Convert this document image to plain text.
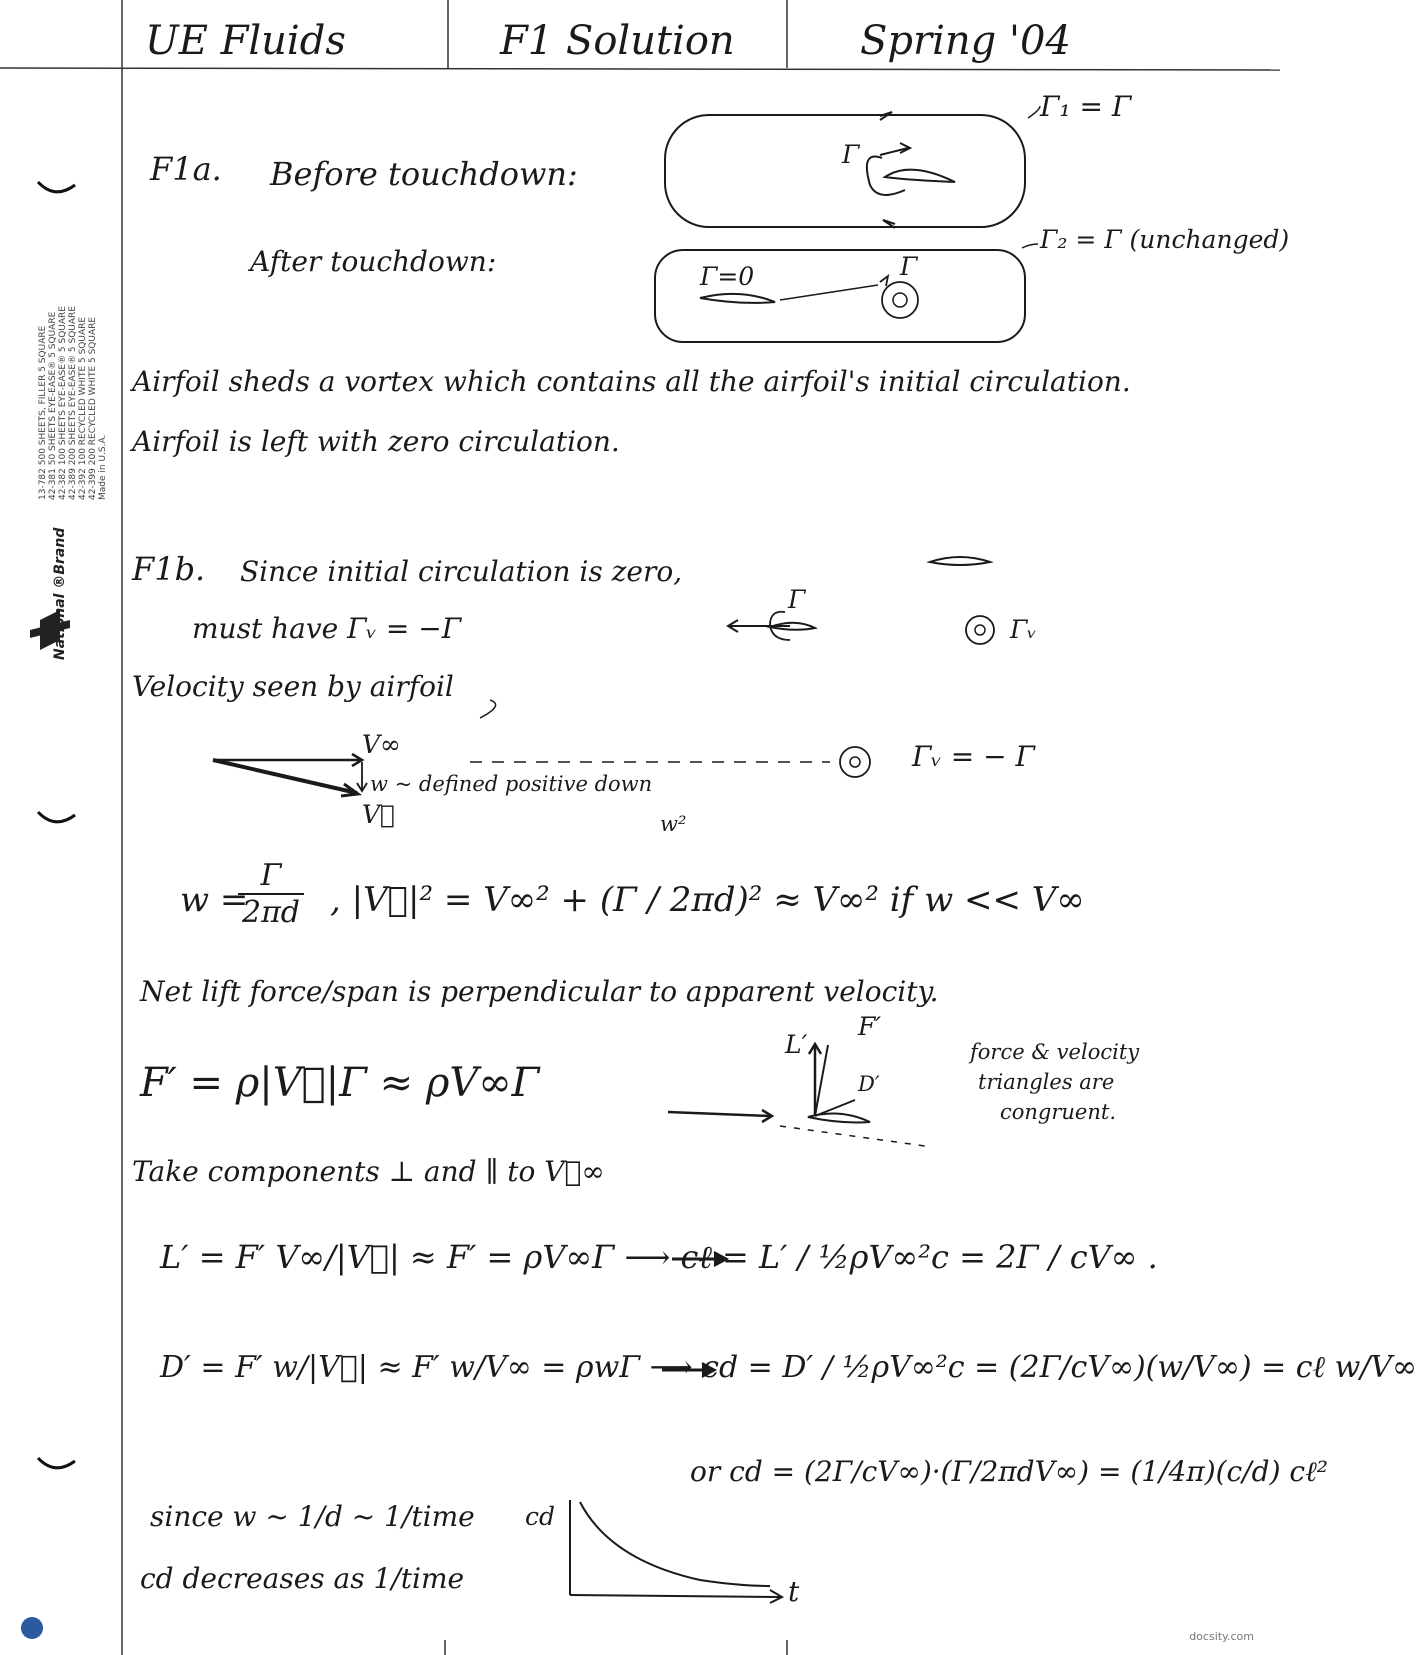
UE Fluids	F1 Solution	Spring '04
13-782 500 SHEETS, FILLER 5 SQUARE 42-381 50 SHEETS EYE-EASE® 5 SQUARE 42-382 100 SHEETS EYE-EASE® 5 SQUARE 42-389 200 SHEETS EYE-EASE® 5 SQUARE 42-392 100 RECYCLED WHITE 5 SQUARE 42-399 200 RECYCLED WHITE 5 SQUARE Made in U.S.A.
National ®Brand
F1a. Before touchdown:
After touchdown:
Γ₁ = Γ
Γ
Γ₂ = Γ (unchanged)
Γ=0	Γ
Airfoil sheds a vortex which contains all the airfoil's initial circulation.
Airfoil is left with zero circulation.
F1b. Since initial circulation is zero,
must have Γᵥ = −Γ
Γ
Γᵥ
Velocity seen by airfoil
V∞
w ~ defined positive down
V⃗
Γᵥ = − Γ
w²
w =
$\frac{\Gamma}{2\pi d}$ , |V⃗|² = V∞² + (Γ / 2πd)² ≈ V∞² if w << V∞
Net lift force/span is perpendicular to apparent velocity.
F′ = ρ|V⃗|Γ ≈ ρV∞Γ
L′
F′
D′
force & velocity
triangles are
congruent.
Take components ⊥ and ∥ to V⃗∞
L′ = F′ V∞/|V⃗| ≈ F′ = ρV∞Γ ⟶ cℓ = L′ / ½ρV∞²c = 2Γ / cV∞ .
D′ = F′ w/|V⃗| ≈ F′ w/V∞ = ρwΓ ⟶ cd = D′ / ½ρV∞²c = (2Γ/cV∞)(w/V∞) = cℓ w/V∞
or cd = (2Γ/cV∞)·(Γ/2πdV∞) = (1/4π)(c/d) cℓ²
since w ~ 1/d ~ 1/time
cd decreases as 1/time
cd
t
docsity.com
